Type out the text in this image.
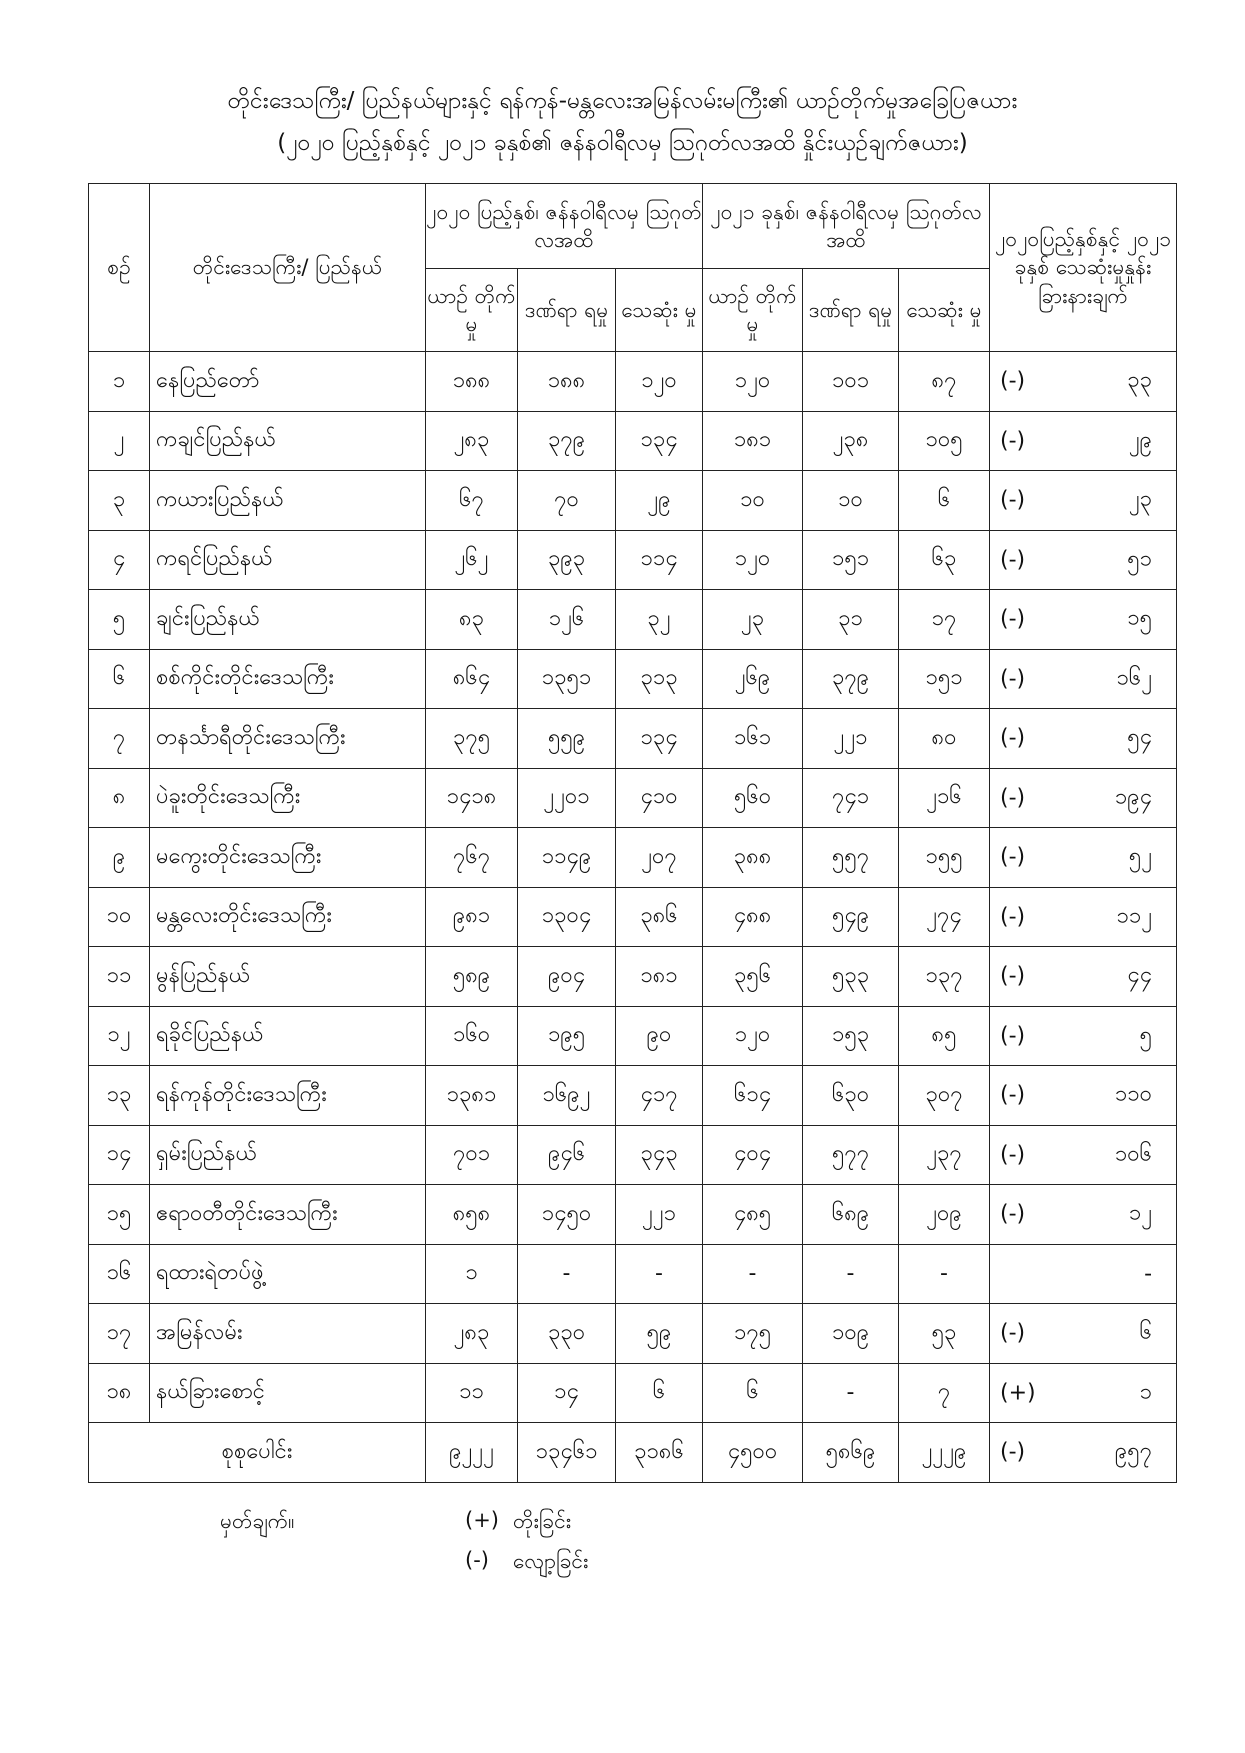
တိုင်းဒေသကြီး/ ပြည်နယ်များနှင့် ရန်ကုန်-မန္တလေးအမြန်လမ်းမကြီး၏ ယာဉ်တိုက်မှုအခြေပြဇယား
(၂၀၂၀ ပြည့်နှစ်နှင့် ၂၀၂၁ ခုနှစ်၏ ဇန်နဝါရီလမှ သြဂုတ်လအထိ နှိုင်းယှဉ်ချက်ဇယား)
စဉ်	တိုင်းဒေသကြီး/ ပြည်နယ်	၂၀၂၀ ပြည့်နှစ်၊ ဇန်နဝါရီလမှ သြဂုတ်လအထိ			၂၀၂၁ ခုနှစ်၊ ဇန်နဝါရီလမှ သြဂုတ်လအထိ			၂၀၂၀ပြည့်နှစ်နှင့် ၂၀၂၁ ခုနှစ် သေဆုံးမှုနှုန်း ခြားနားချက်
		ယာဉ် တိုက်မှု	ဒဏ်ရာ ရမှု	သေဆုံး မှု	ယာဉ် တိုက်မှု	ဒဏ်ရာ ရမှု	သေဆုံး မှု	
၁	နေပြည်တော်	၁၈၈	၁၈၈	၁၂၀	၁၂၀	၁၀၁	၈၇	(-) ၃၃

၂	ကချင်ပြည်နယ်	၂၈၃	၃၇၉	၁၃၄	၁၈၁	၂၃၈	၁၀၅	(-) ၂၉

၃	ကယားပြည်နယ်	၆၇	၇၀	၂၉	၁၀	၁၀	၆	(-) ၂၃

၄	ကရင်ပြည်နယ်	၂၆၂	၃၉၃	၁၁၄	၁၂၀	၁၅၁	၆၃	(-) ၅၁

၅	ချင်းပြည်နယ်	၈၃	၁၂၆	၃၂	၂၃	၃၁	၁၇	(-) ၁၅

၆	စစ်ကိုင်းတိုင်းဒေသကြီး	၈၆၄	၁၃၅၁	၃၁၃	၂၆၉	၃၇၉	၁၅၁	(-) ၁၆၂

၇	တနင်္သာရီတိုင်းဒေသကြီး	၃၇၅	၅၅၉	၁၃၄	၁၆၁	၂၂၁	၈၀	(-) ၅၄

၈	ပဲခူးတိုင်းဒေသကြီး	၁၄၁၈	၂၂၀၁	၄၁၀	၅၆၀	၇၄၁	၂၁၆	(-) ၁၉၄

၉	မကွေးတိုင်းဒေသကြီး	၇၆၇	၁၁၄၉	၂၀၇	၃၈၈	၅၅၇	၁၅၅	(-) ၅၂

၁၀	မန္တလေးတိုင်းဒေသကြီး	၉၈၁	၁၃၀၄	၃၈၆	၄၈၈	၅၄၉	၂၇၄	(-) ၁၁၂

၁၁	မွန်ပြည်နယ်	၅၈၉	၉၀၄	၁၈၁	၃၅၆	၅၃၃	၁၃၇	(-) ၄၄

၁၂	ရခိုင်ပြည်နယ်	၁၆၀	၁၉၅	၉၀	၁၂၀	၁၅၃	၈၅	(-) ၅

၁၃	ရန်ကုန်တိုင်းဒေသကြီး	၁၃၈၁	၁၆၉၂	၄၁၇	၆၁၄	၆၃၀	၃၀၇	(-) ၁၁၀

၁၄	ရှမ်းပြည်နယ်	၇၀၁	၉၄၆	၃၄၃	၄၀၄	၅၇၇	၂၃၇	(-) ၁၀၆

၁၅	ဧရာဝတီတိုင်းဒေသကြီး	၈၅၈	၁၄၅၀	၂၂၁	၄၈၅	၆၈၉	၂၀၉	(-) ၁၂

၁၆	ရထားရဲတပ်ဖွဲ့	၁	-	-	-	-	-	-

၁၇	အမြန်လမ်း	၂၈၃	၃၃၀	၅၉	၁၇၅	၁၀၉	၅၃	(-) ၆

၁၈	နယ်ခြားစောင့်	၁၁	၁၄	၆	၆	-	၇	(+) ၁

စုစုပေါင်း		၉၂၂၂	၁၃၄၆၁	၃၁၈၆	၄၅၀၀	၅၈၆၉	၂၂၂၉	(-) ၉၅၇
မှတ်ချက်။	(+) တိုးခြင်း
(-) လျော့ခြင်း
